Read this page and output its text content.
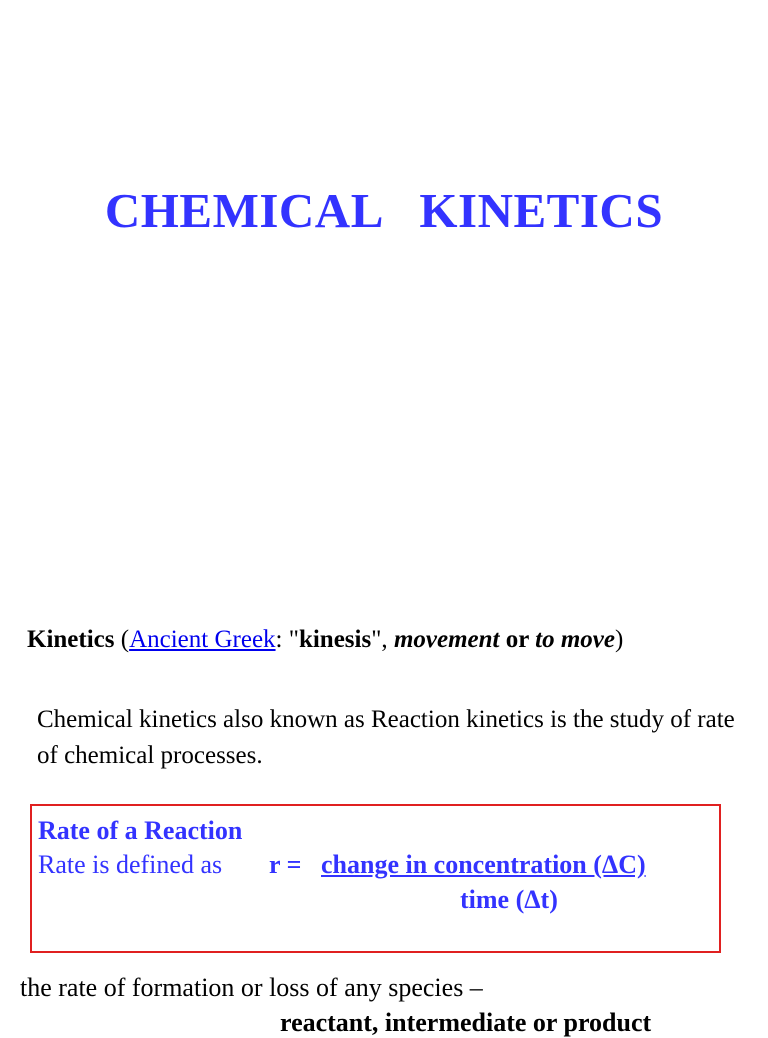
CHEMICAL   KINETICS
Kinetics (Ancient Greek: "kinesis", movement or to move)
Chemical kinetics also known as Reaction kinetics is the study of rate of chemical processes.
Rate of a Reaction
Rate is defined as r = change in concentration (ΔC)
time (Δt)
the rate of formation or loss of any species –
reactant, intermediate or product
